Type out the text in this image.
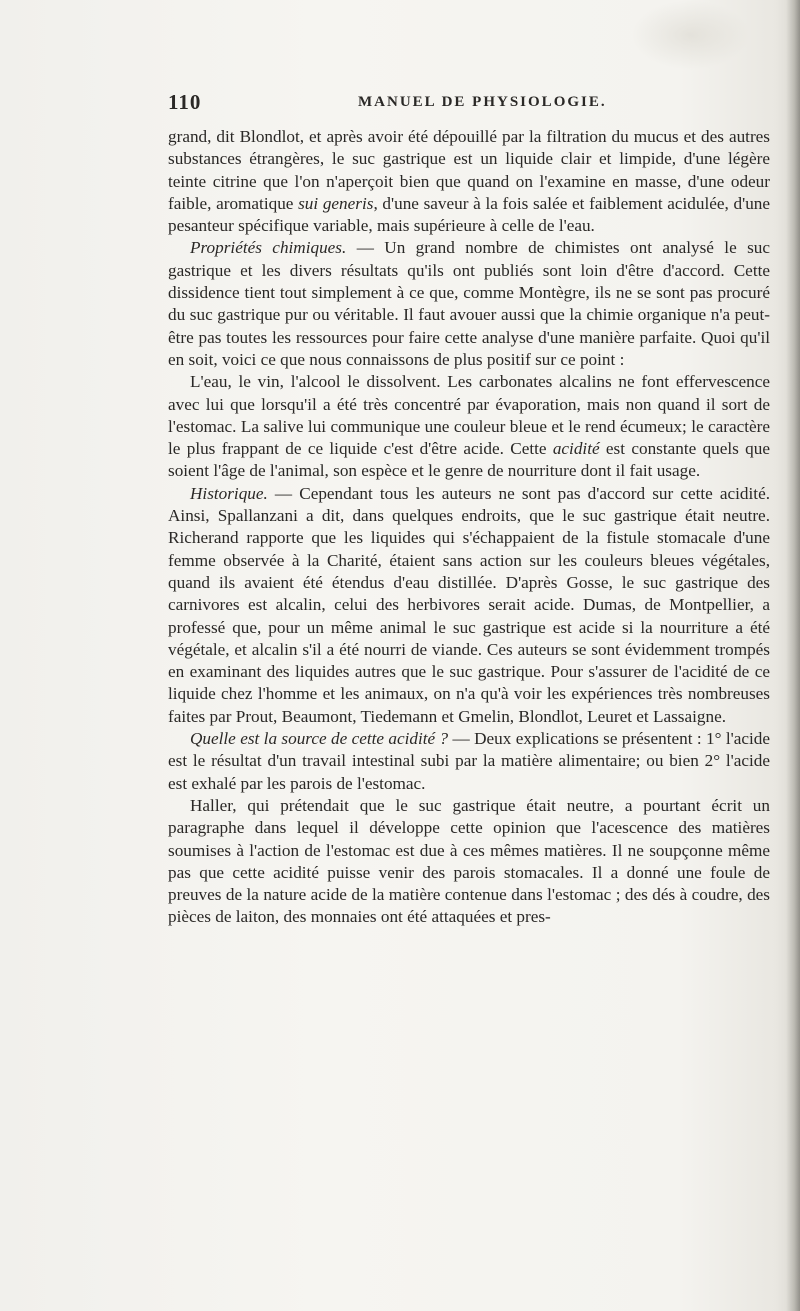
110	MANUEL DE PHYSIOLOGIE.

grand, dit Blondlot, et après avoir été dépouillé par la filtration du mucus et des autres substances étrangères, le suc gastrique est un liquide clair et limpide, d'une légère teinte citrine que l'on n'aperçoit bien que quand on l'examine en masse, d'une odeur faible, aromatique sui generis, d'une saveur à la fois salée et faiblement acidulée, d'une pesanteur spécifique variable, mais supérieure à celle de l'eau.

Propriétés chimiques. — Un grand nombre de chimistes ont analysé le suc gastrique et les divers résultats qu'ils ont publiés sont loin d'être d'accord. Cette dissidence tient tout simplement à ce que, comme Montègre, ils ne se sont pas procuré du suc gastrique pur ou véritable. Il faut avouer aussi que la chimie organique n'a peut-être pas toutes les ressources pour faire cette analyse d'une manière parfaite. Quoi qu'il en soit, voici ce que nous connaissons de plus positif sur ce point :

L'eau, le vin, l'alcool le dissolvent. Les carbonates alcalins ne font effervescence avec lui que lorsqu'il a été très concentré par évaporation, mais non quand il sort de l'estomac. La salive lui communique une couleur bleue et le rend écumeux; le caractère le plus frappant de ce liquide c'est d'être acide. Cette acidité est constante quels que soient l'âge de l'animal, son espèce et le genre de nourriture dont il fait usage.

Historique. — Cependant tous les auteurs ne sont pas d'accord sur cette acidité. Ainsi, Spallanzani a dit, dans quelques endroits, que le suc gastrique était neutre. Richerand rapporte que les liquides qui s'échappaient de la fistule stomacale d'une femme observée à la Charité, étaient sans action sur les couleurs bleues végétales, quand ils avaient été étendus d'eau distillée. D'après Gosse, le suc gastrique des carnivores est alcalin, celui des herbivores serait acide. Dumas, de Montpellier, a professé que, pour un même animal le suc gastrique est acide si la nourriture a été végétale, et alcalin s'il a été nourri de viande. Ces auteurs se sont évidemment trompés en examinant des liquides autres que le suc gastrique. Pour s'assurer de l'acidité de ce liquide chez l'homme et les animaux, on n'a qu'à voir les expériences très nombreuses faites par Prout, Beaumont, Tiedemann et Gmelin, Blondlot, Leuret et Lassaigne.

Quelle est la source de cette acidité ? — Deux explications se présentent : 1° l'acide est le résultat d'un travail intestinal subi par la matière alimentaire; ou bien 2° l'acide est exhalé par les parois de l'estomac.

Haller, qui prétendait que le suc gastrique était neutre, a pourtant écrit un paragraphe dans lequel il développe cette opinion que l'acescence des matières soumises à l'action de l'estomac est due à ces mêmes matières. Il ne soupçonne même pas que cette acidité puisse venir des parois stomacales. Il a donné une foule de preuves de la nature acide de la matière contenue dans l'estomac ; des dés à coudre, des pièces de laiton, des monnaies ont été attaquées et pres-
